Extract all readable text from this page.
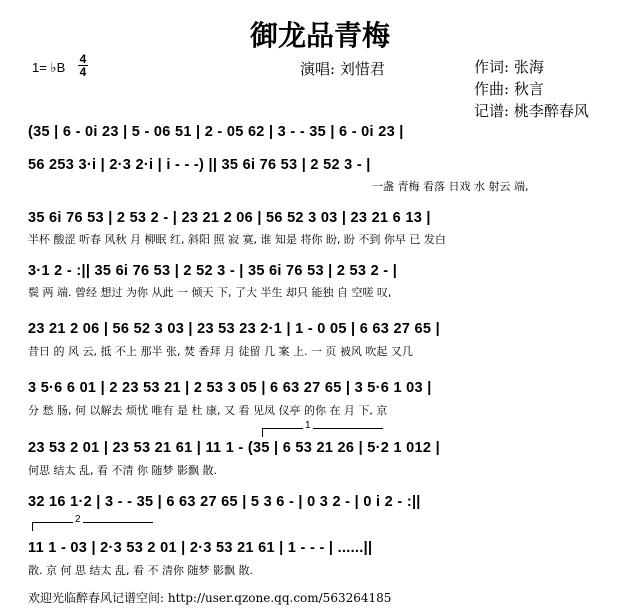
御龙品青梅
1= ♭B
4
4	演唱: 刘惜君	作词: 张海
作曲: 秋言
记谱: 桃李醉春风
(35 | 6 - 0i 23 | 5 - 06 51 | 2 - 05 62 | 3 - - 35 | 6 - 0i 23 |
56 253 3·i | 2·3 2·i | i - - -) || 35 6i 76 53 | 2 52 3 - |
一盏 青梅 看落 日戏 水 射云 端,
35 6i 76 53 | 2 53 2 - | 23 21 2 06 | 56 52 3 03 | 23 21 6 13 |
半杯 酸涩 听春 风秋 月 柳眠 红, 斜阳 照 寂 寞, 谁 知是 将你 盼, 盼 不到 你早 已 发白
3·1 2 - :|| 35 6i 76 53 | 2 52 3 - | 35 6i 76 53 | 2 53 2 - |
鬓 两 端. 曾经 想过 为你 从此 一 倾天 下, 了大 半生 却只 能独 自 空嗟 叹,
23 21 2 06 | 56 52 3 03 | 23 53 23 2·1 | 1 - 0 05 | 6 63 27 65 |
昔日 的 风 云, 抵 不上 那半 张, 焚 香拜 月 徒留 几 案 上. 一 页 被风 吹起 又几
3 5·6 6 01 | 2 23 53 21 | 2 53 3 05 | 6 63 27 65 | 3 5·6 1 03 |
分 愁 肠, 何 以解去 烦忧 唯有 是 杜 康, 又 看 见凤 仪亭 的你 在 月 下, 京
23 53 2 01 | 23 53 21 61 | 11 1 - (35 | 6 53 21 26 | 5·2 1 012 |
何思 结太 乱, 看 不清 你 随梦 影飘 散.
1
32 16 1·2 | 3 - - 35 | 6 63 27 65 | 5 3 6 - | 0 3 2 - | 0 i 2 - :||
2
11 1 - 03 | 2·3 53 2 01 | 2·3 53 21 61 | 1 - - - | ......||
散. 京 何 思 结太 乱, 看 不 清你 随梦 影飘 散.
欢迎光临醉春风记谱空间: http://user.qzone.qq.com/563264185
